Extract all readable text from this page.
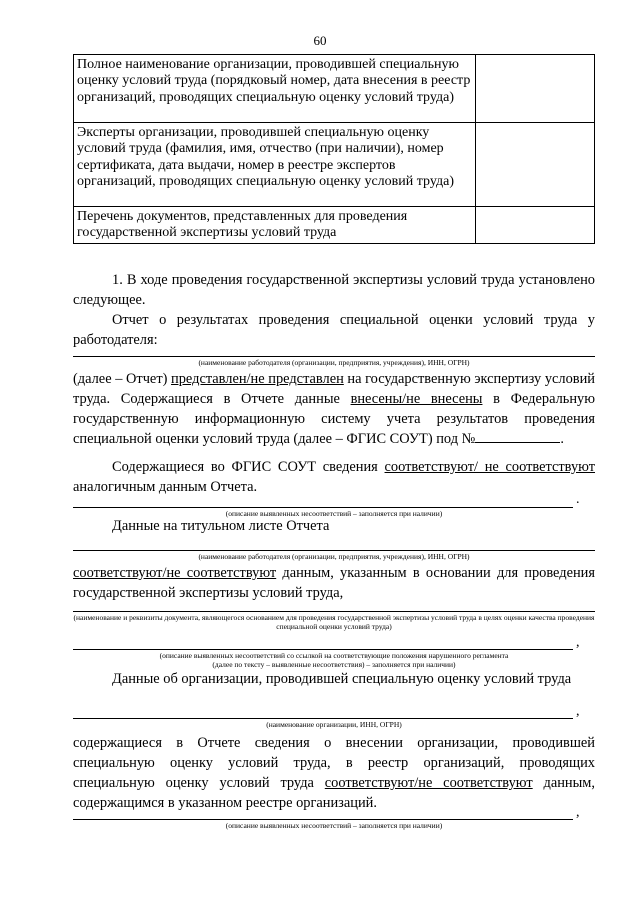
60
Полное наименование организации, проводившей специальную оценку условий труда (порядковый номер, дата внесения в реестр организаций, проводящих специальную оценку условий труда)	
Эксперты организации, проводившей специальную оценку условий труда (фамилия, имя, отчество (при наличии), номер сертификата, дата выдачи, номер в реестре экспертов организаций, проводящих специальную оценку условий труда)	
Перечень документов, представленных для проведения государственной экспертизы условий труда	
1. В ходе проведения государственной экспертизы условий труда установлено следующее.
Отчет о результатах проведения специальной оценки условий труда у работодателя:
(наименование работодателя (организации, предприятия, учреждения), ИНН, ОГРН)
(далее – Отчет) представлен/не представлен на государственную экспертизу условий труда. Содержащиеся в Отчете данные внесены/не внесены в Федеральную государственную информационную систему учета результатов проведения специальной оценки условий труда (далее – ФГИС СОУТ) под №	.
Содержащиеся во ФГИС СОУТ сведения соответствуют/ не соответствуют аналогичным данным Отчета.
.
(описание выявленных несоответствий – заполняется при наличии)
Данные на титульном листе Отчета
(наименование работодателя (организации, предприятия, учреждения), ИНН, ОГРН)
соответствуют/не соответствуют данным, указанным в основании для проведения государственной экспертизы условий труда,
(наименование и реквизиты документа, являющегося основанием для проведения государственной экспертизы условий труда в целях оценки качества проведения специальной оценки условий труда)
,
(описание выявленных несоответствий со ссылкой на соответствующие положения нарушенного регламента
(далее по тексту – выявленные несоответствия) – заполняется при наличии)
Данные об организации, проводившей специальную оценку условий труда
,
(наименование организации, ИНН, ОГРН)
содержащиеся в Отчете сведения о внесении организации, проводившей специальную оценку условий труда, в реестр организаций, проводящих специальную оценку условий труда соответствуют/не соответствуют данным, содержащимся в указанном реестре организаций.
,
(описание выявленных несоответствий – заполняется при наличии)
